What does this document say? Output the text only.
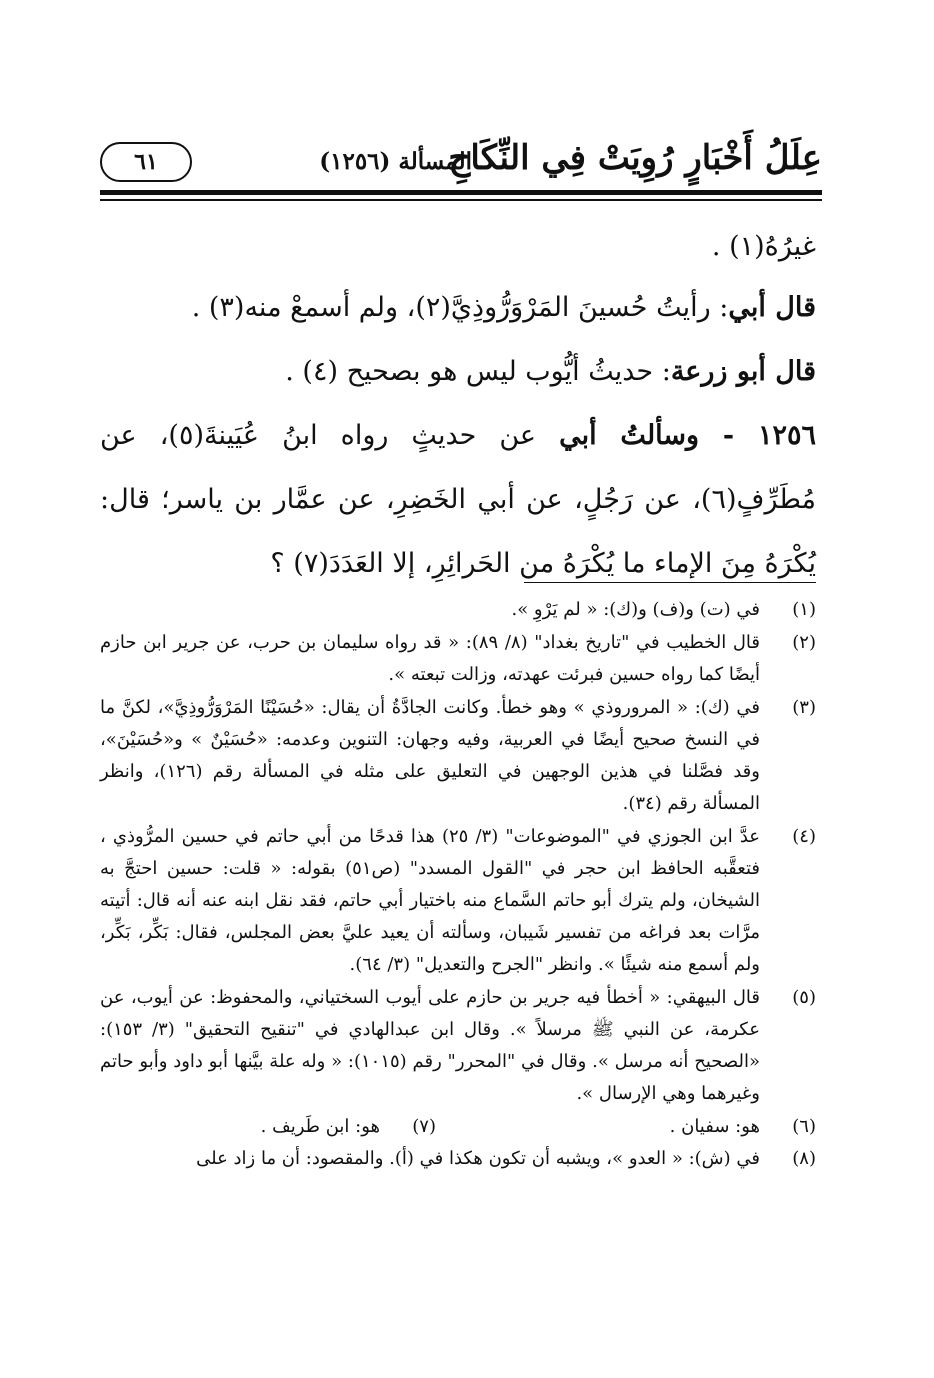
عِلَلُ أَخْبَارٍ رُوِيَتْ فِي النِّكَاحِ
المسألة (١٢٥٦)
٦١

غيرُهُ(١) .

قال أبي: رأيتُ حُسينَ المَرْوَرُّوذِيَّ(٢)، ولم أسمعْ منه(٣) .

قال أبو زرعة: حديثُ أيُّوب ليس هو بصحيح (٤) .

١٢٥٦ - وسألتُ أبي عن حديثٍ رواه ابنُ عُيَينةَ(٥)، عن مُطَرِّفٍ(٦)، عن رَجُلٍ، عن أبي الخَضِرِ، عن عمَّار بن ياسر؛ قال: يُكْرَهُ مِنَ الإماء ما يُكْرَهُ من الحَرائِرِ، إلا العَدَدَ(٧) ؟

(١)
في (ت) و(ف) و(ك): « لم يَرْوِ ».
(٢)
قال الخطيب في "تاريخ بغداد" (٨/ ٨٩): « قد رواه سليمان بن حرب، عن جرير ابن حازم أيضًا كما رواه حسين فبرئت عهدته، وزالت تبعته ».
(٣)
في (ك): « المروروذي » وهو خطأ. وكانت الجادَّةُ أن يقال: «حُسَيْنًا المَرْوَرُّوذِيَّ»، لكنَّ ما في النسخ صحيح أيضًا في العربية، وفيه وجهان: التنوين وعدمه: «حُسَيْنٌ » و«حُسَيْنَ»، وقد فصَّلنا في هذين الوجهين في التعليق على مثله في المسألة رقم (١٢٦)، وانظر المسألة رقم (٣٤).
(٤)
عدَّ ابن الجوزي في "الموضوعات" (٣/ ٢٥) هذا قدحًا من أبي حاتم في حسين المرُّوذي ، فتعقَّبه الحافظ ابن حجر في "القول المسدد" (ص٥١) بقوله: « قلت: حسين احتجَّ به الشيخان، ولم يترك أبو حاتم السَّماع منه باختيار أبي حاتم، فقد نقل ابنه عنه أنه قال: أتيته مرَّات بعد فراغه من تفسير شَيبان، وسألته أن يعيد عليَّ بعض المجلس، فقال: بَكِّر، بَكِّر، ولم أسمع منه شيئًا ». وانظر "الجرح والتعديل" (٣/ ٦٤).
(٥)
قال البيهقي: « أخطأ فيه جرير بن حازم على أيوب السختياني، والمحفوظ: عن أيوب، عن عكرمة، عن النبي ﷺ مرسلاً ». وقال ابن عبدالهادي في "تنقيح التحقيق" (٣/ ١٥٣): «الصحيح أنه مرسل ». وقال في "المحرر" رقم (١٠١٥): « وله علة بيَّنها أبو داود وأبو حاتم وغيرهما وهي الإرسال ».
(٦)
هو: سفيان .
(٧)
هو: ابن طَريف .
(٨)
في (ش): « العدو »، ويشبه أن تكون هكذا في (أ). والمقصود: أن ما زاد على
